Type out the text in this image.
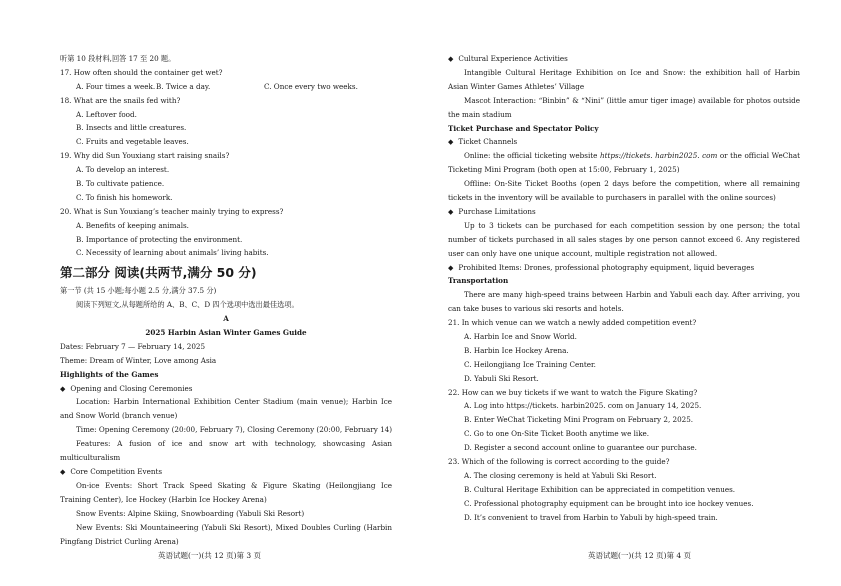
听第 10 段材料,回答 17 至 20 题。
17. How often should the container get wet?
A. Four times a week. B. Twice a day.	C. Once every two weeks.
18. What are the snails fed with?
A. Leftover food.
B. Insects and little creatures.
C. Fruits and vegetable leaves.
19. Why did Sun Youxiang start raising snails?
A. To develop an interest.
B. To cultivate patience.
C. To finish his homework.
20. What is Sun Youxiang’s teacher mainly trying to express?
A. Benefits of keeping animals.
B. Importance of protecting the environment.
C. Necessity of learning about animals’ living habits.
第二部分 阅读(共两节,满分 50 分)
第一节 (共 15 小题;每小题 2.5 分,满分 37.5 分)
阅读下列短文,从每题所给的 A、B、C、D 四个选项中选出最佳选项。
A
2025 Harbin Asian Winter Games Guide
Dates: February 7 — February 14, 2025
Theme: Dream of Winter, Love among Asia
Highlights of the Games
◆ Opening and Closing Ceremonies
Location: Harbin International Exhibition Center Stadium (main venue); Harbin Ice and Snow World (branch venue)
Time: Opening Ceremony (20:00, February 7), Closing Ceremony (20:00, February 14)
Features: A fusion of ice and snow art with technology, showcasing Asian multiculturalism
◆ Core Competition Events
On-ice Events: Short Track Speed Skating & Figure Skating (Heilongjiang Ice Training Center), Ice Hockey (Harbin Ice Hockey Arena)
Snow Events: Alpine Skiing, Snowboarding (Yabuli Ski Resort)
New Events: Ski Mountaineering (Yabuli Ski Resort), Mixed Doubles Curling (Harbin Pingfang District Curling Arena)
英语试题(一)(共 12 页)第 3 页
◆ Cultural Experience Activities
Intangible Cultural Heritage Exhibition on Ice and Snow: the exhibition hall of Harbin Asian Winter Games Athletes’ Village
Mascot Interaction: “Binbin” & “Nini” (little amur tiger image) available for photos outside the main stadium
Ticket Purchase and Spectator Policy
◆ Ticket Channels
Online: the official ticketing website https://tickets. harbin2025. com or the official WeChat Ticketing Mini Program (both open at 15:00, February 1, 2025)
Offline: On-Site Ticket Booths (open 2 days before the competition, where all remaining tickets in the inventory will be available to purchasers in parallel with the online sources)
◆ Purchase Limitations
Up to 3 tickets can be purchased for each competition session by one person; the total number of tickets purchased in all sales stages by one person cannot exceed 6. Any registered user can only have one unique account, multiple registration not allowed.
◆ Prohibited Items: Drones, professional photography equipment, liquid beverages
Transportation
There are many high-speed trains between Harbin and Yabuli each day. After arriving, you can take buses to various ski resorts and hotels.
21. In which venue can we watch a newly added competition event?
A. Harbin Ice and Snow World.
B. Harbin Ice Hockey Arena.
C. Heilongjiang Ice Training Center.
D. Yabuli Ski Resort.
22. How can we buy tickets if we want to watch the Figure Skating?
A. Log into https://tickets. harbin2025. com on January 14, 2025.
B. Enter WeChat Ticketing Mini Program on February 2, 2025.
C. Go to one On-Site Ticket Booth anytime we like.
D. Register a second account online to guarantee our purchase.
23. Which of the following is correct according to the guide?
A. The closing ceremony is held at Yabuli Ski Resort.
B. Cultural Heritage Exhibition can be appreciated in competition venues.
C. Professional photography equipment can be brought into ice hockey venues.
D. It’s convenient to travel from Harbin to Yabuli by high-speed train.
英语试题(一)(共 12 页)第 4 页
